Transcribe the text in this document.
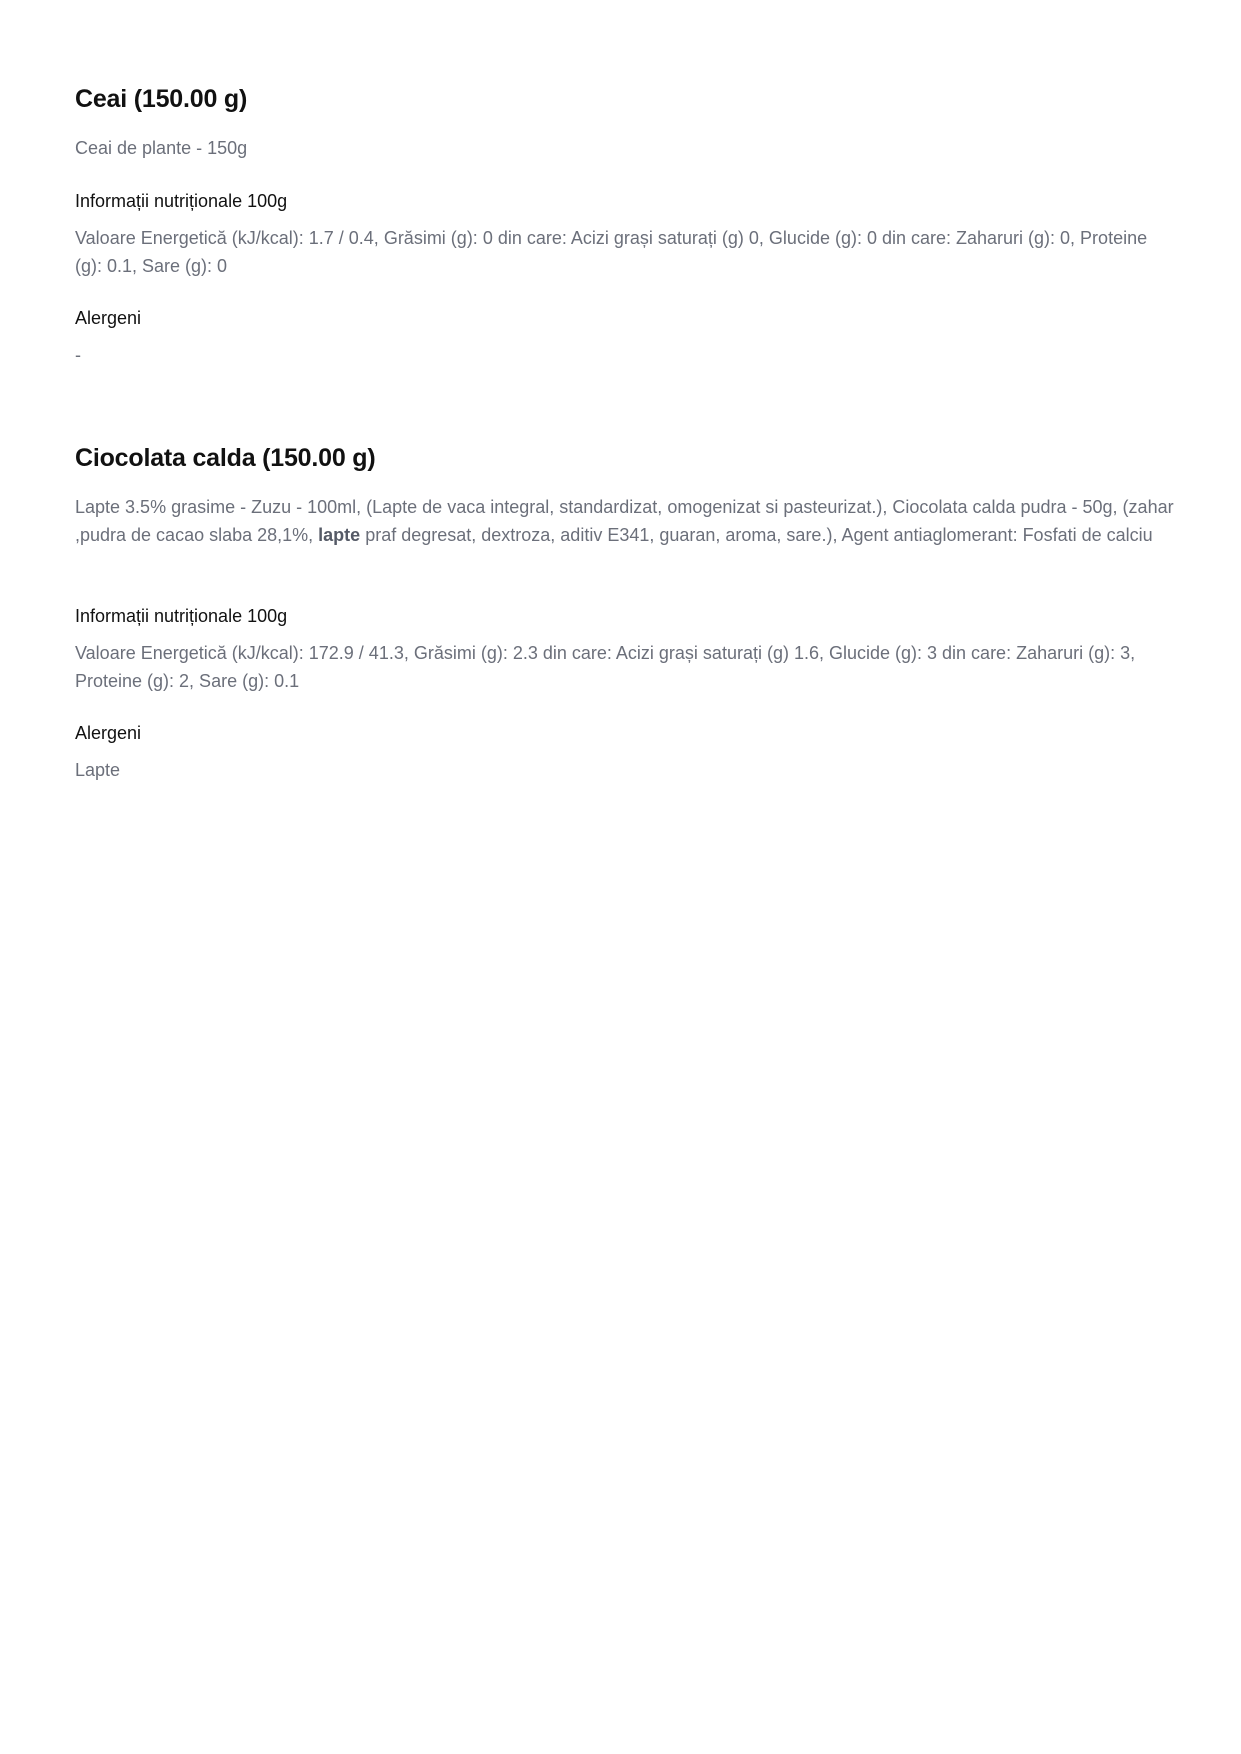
Ceai (150.00 g)

Ceai de plante - 150g

Informații nutriționale 100g

Valoare Energetică (kJ/kcal): 1.7 / 0.4, Grăsimi (g): 0 din care: Acizi grași saturați (g) 0, Glucide (g): 0 din care: Zaharuri (g): 0, Proteine (g): 0.1, Sare (g): 0

Alergeni

-

Ciocolata calda (150.00 g)

Lapte 3.5% grasime - Zuzu - 100ml, (Lapte de vaca integral, standardizat, omogenizat si pasteurizat.), Ciocolata calda pudra - 50g, (zahar ,pudra de cacao slaba 28,1%, lapte praf degresat, dextroza, aditiv E341, guaran, aroma, sare.), Agent antiaglomerant: Fosfati de calciu

Informații nutriționale 100g

Valoare Energetică (kJ/kcal): 172.9 / 41.3, Grăsimi (g): 2.3 din care: Acizi grași saturați (g) 1.6, Glucide (g): 3 din care: Zaharuri (g): 3, Proteine (g): 2, Sare (g): 0.1

Alergeni

Lapte
